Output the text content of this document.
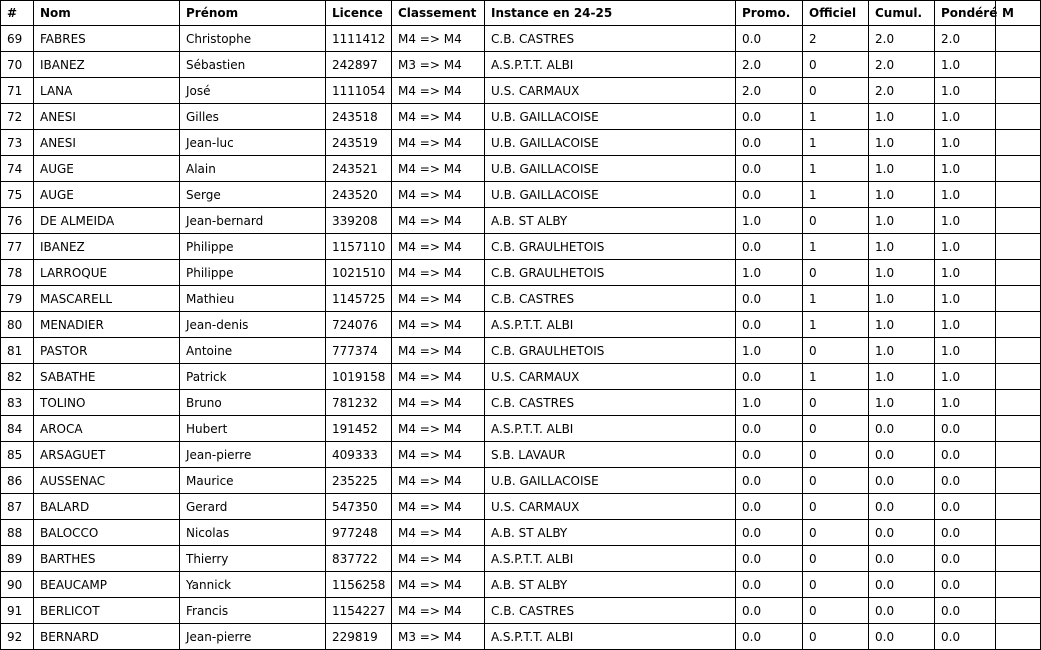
#	Nom	Prénom	Licence	Classement	Instance en 24-25	Promo.	Officiel	Cumul.	Pondéré	M
69	FABRES	Christophe	1111412	M4 => M4	C.B. CASTRES	0.0	2	2.0	2.0	
70	IBANEZ	Sébastien	242897	M3 => M4	A.S.P.T.T. ALBI	2.0	0	2.0	1.0	
71	LANA	José	1111054	M4 => M4	U.S. CARMAUX	2.0	0	2.0	1.0	
72	ANESI	Gilles	243518	M4 => M4	U.B. GAILLACOISE	0.0	1	1.0	1.0	
73	ANESI	Jean-luc	243519	M4 => M4	U.B. GAILLACOISE	0.0	1	1.0	1.0	
74	AUGE	Alain	243521	M4 => M4	U.B. GAILLACOISE	0.0	1	1.0	1.0	
75	AUGE	Serge	243520	M4 => M4	U.B. GAILLACOISE	0.0	1	1.0	1.0	
76	DE ALMEIDA	Jean-bernard	339208	M4 => M4	A.B. ST ALBY	1.0	0	1.0	1.0	
77	IBANEZ	Philippe	1157110	M4 => M4	C.B. GRAULHETOIS	0.0	1	1.0	1.0	
78	LARROQUE	Philippe	1021510	M4 => M4	C.B. GRAULHETOIS	1.0	0	1.0	1.0	
79	MASCARELL	Mathieu	1145725	M4 => M4	C.B. CASTRES	0.0	1	1.0	1.0	
80	MENADIER	Jean-denis	724076	M4 => M4	A.S.P.T.T. ALBI	0.0	1	1.0	1.0	
81	PASTOR	Antoine	777374	M4 => M4	C.B. GRAULHETOIS	1.0	0	1.0	1.0	
82	SABATHE	Patrick	1019158	M4 => M4	U.S. CARMAUX	0.0	1	1.0	1.0	
83	TOLINO	Bruno	781232	M4 => M4	C.B. CASTRES	1.0	0	1.0	1.0	
84	AROCA	Hubert	191452	M4 => M4	A.S.P.T.T. ALBI	0.0	0	0.0	0.0	
85	ARSAGUET	Jean-pierre	409333	M4 => M4	S.B. LAVAUR	0.0	0	0.0	0.0	
86	AUSSENAC	Maurice	235225	M4 => M4	U.B. GAILLACOISE	0.0	0	0.0	0.0	
87	BALARD	Gerard	547350	M4 => M4	U.S. CARMAUX	0.0	0	0.0	0.0	
88	BALOCCO	Nicolas	977248	M4 => M4	A.B. ST ALBY	0.0	0	0.0	0.0	
89	BARTHES	Thierry	837722	M4 => M4	A.S.P.T.T. ALBI	0.0	0	0.0	0.0	
90	BEAUCAMP	Yannick	1156258	M4 => M4	A.B. ST ALBY	0.0	0	0.0	0.0	
91	BERLICOT	Francis	1154227	M4 => M4	C.B. CASTRES	0.0	0	0.0	0.0	
92	BERNARD	Jean-pierre	229819	M3 => M4	A.S.P.T.T. ALBI	0.0	0	0.0	0.0	
